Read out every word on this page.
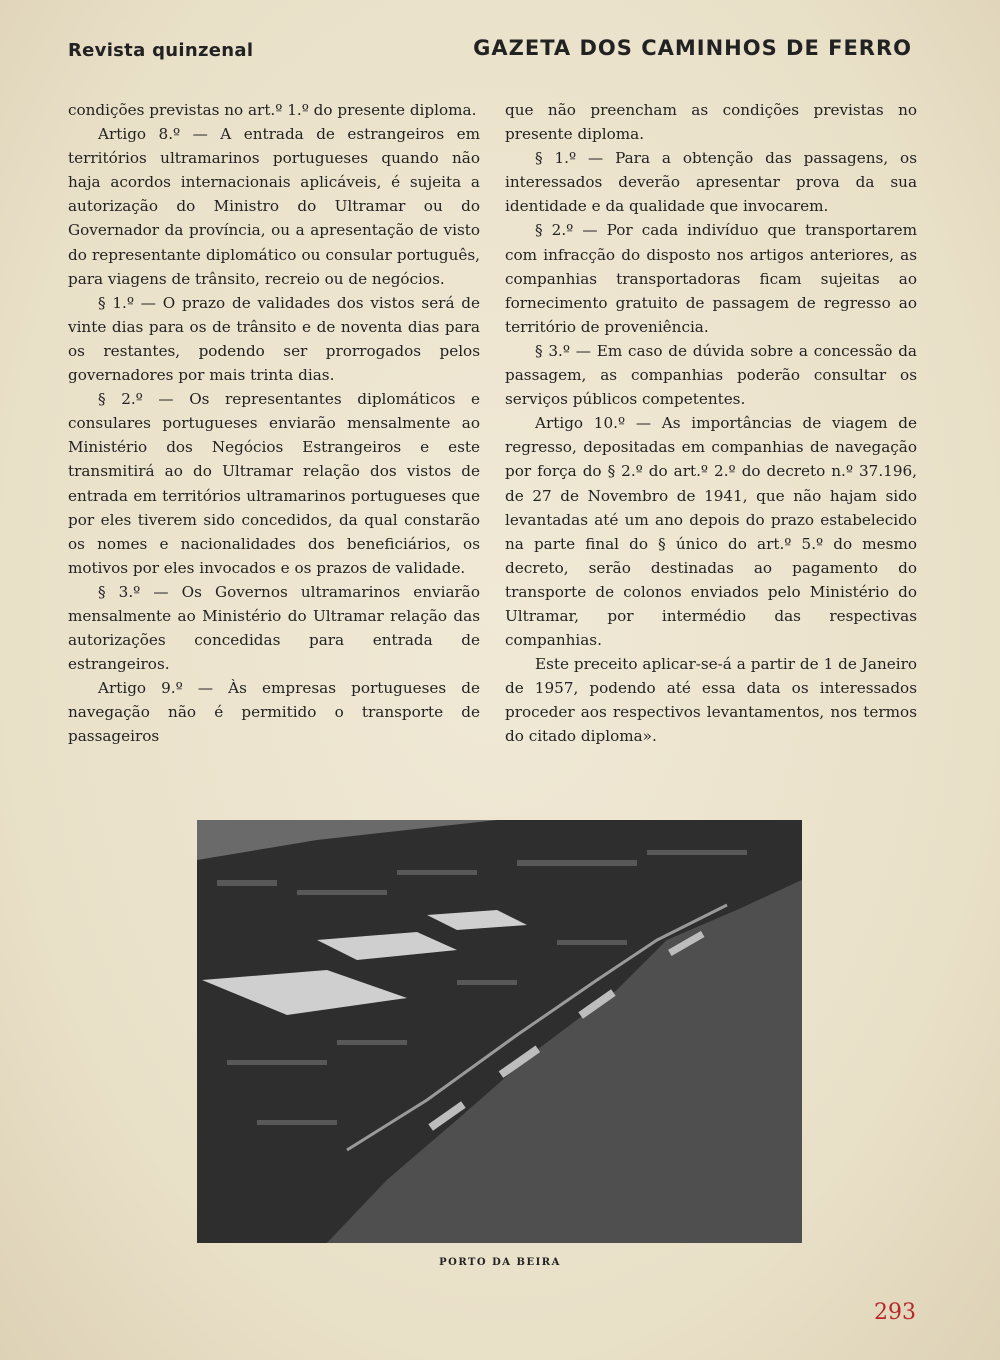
Revista quinzenal	GAZETA DOS CAMINHOS DE FERRO

condições previstas no art.º 1.º do presente diploma.

Artigo 8.º — A entrada de estrangeiros em territórios ultramarinos portugueses quando não haja acordos internacionais aplicáveis, é sujeita a autorização do Ministro do Ultramar ou do Governador da província, ou a apresentação de visto do representante diplomático ou consular português, para viagens de trânsito, recreio ou de negócios.

§ 1.º — O prazo de validades dos vistos será de vinte dias para os de trânsito e de noventa dias para os restantes, podendo ser prorrogados pelos governadores por mais trinta dias.

§ 2.º — Os representantes diplomáticos e consulares portugueses enviarão mensalmente ao Ministério dos Negócios Estrangeiros e este transmitirá ao do Ultramar relação dos vistos de entrada em territórios ultramarinos portugueses que por eles tiverem sido concedidos, da qual constarão os nomes e nacionalidades dos beneficiários, os motivos por eles invocados e os prazos de validade.

§ 3.º — Os Governos ultramarinos enviarão mensalmente ao Ministério do Ultramar relação das autorizações concedidas para entrada de estrangeiros.

Artigo 9.º — Às empresas portugueses de navegação não é permitido o transporte de passageiros

que não preencham as condições previstas no presente diploma.

§ 1.º — Para a obtenção das passagens, os interessados deverão apresentar prova da sua identidade e da qualidade que invocarem.

§ 2.º — Por cada indivíduo que transportarem com infracção do disposto nos artigos anteriores, as companhias transportadoras ficam sujeitas ao fornecimento gratuito de passagem de regresso ao território de proveniência.

§ 3.º — Em caso de dúvida sobre a concessão da passagem, as companhias poderão consultar os serviços públicos competentes.

Artigo 10.º — As importâncias de viagem de regresso, depositadas em companhias de navegação por força do § 2.º do art.º 2.º do decreto n.º 37.196, de 27 de Novembro de 1941, que não hajam sido levantadas até um ano depois do prazo estabelecido na parte final do § único do art.º 5.º do mesmo decreto, serão destinadas ao pagamento do transporte de colonos enviados pelo Ministério do Ultramar, por intermédio das respectivas companhias.

Este preceito aplicar-se-á a partir de 1 de Janeiro de 1957, podendo até essa data os interessados proceder aos respectivos levantamentos, nos termos do citado diploma».

PORTO DA BEIRA
293
